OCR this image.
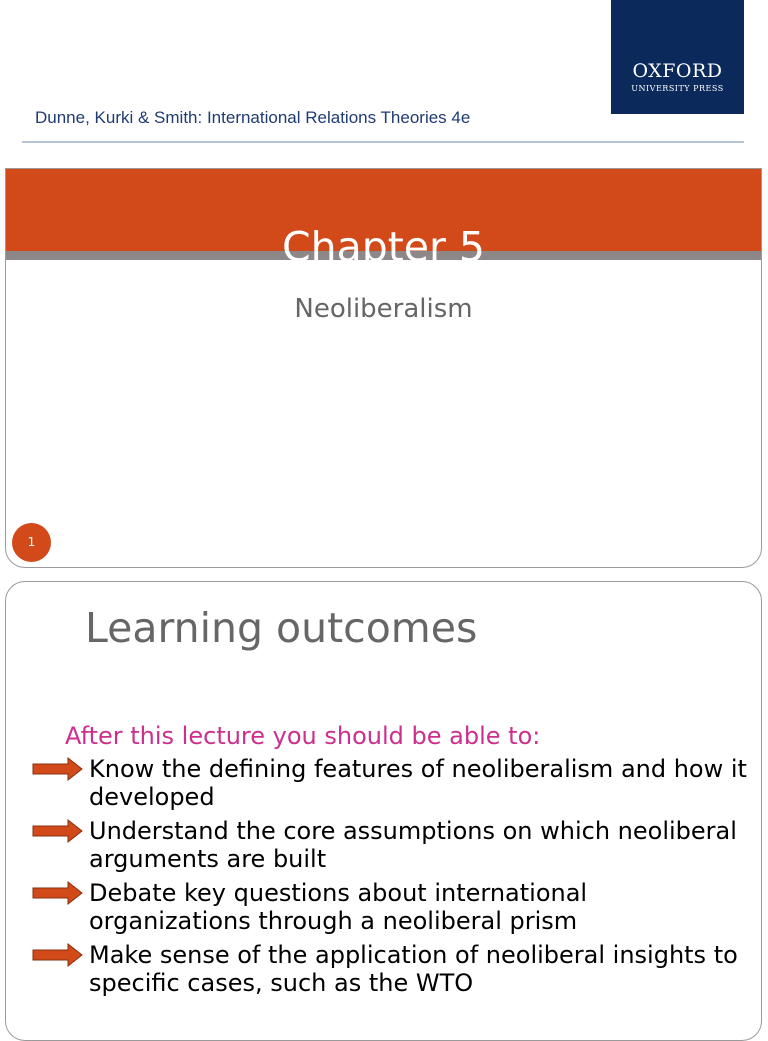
Dunne, Kurki & Smith: International Relations Theories 4e
OXFORD
UNIVERSITY PRESS
Chapter 5
Neoliberalism
1
Learning outcomes
After this lecture you should be able to:
Know the defining features of neoliberalism and how it developed
Understand the core assumptions on which neoliberal arguments are built
Debate key questions about international organizations through a neoliberal prism
Make sense of the application of neoliberal insights to specific cases, such as the WTO
